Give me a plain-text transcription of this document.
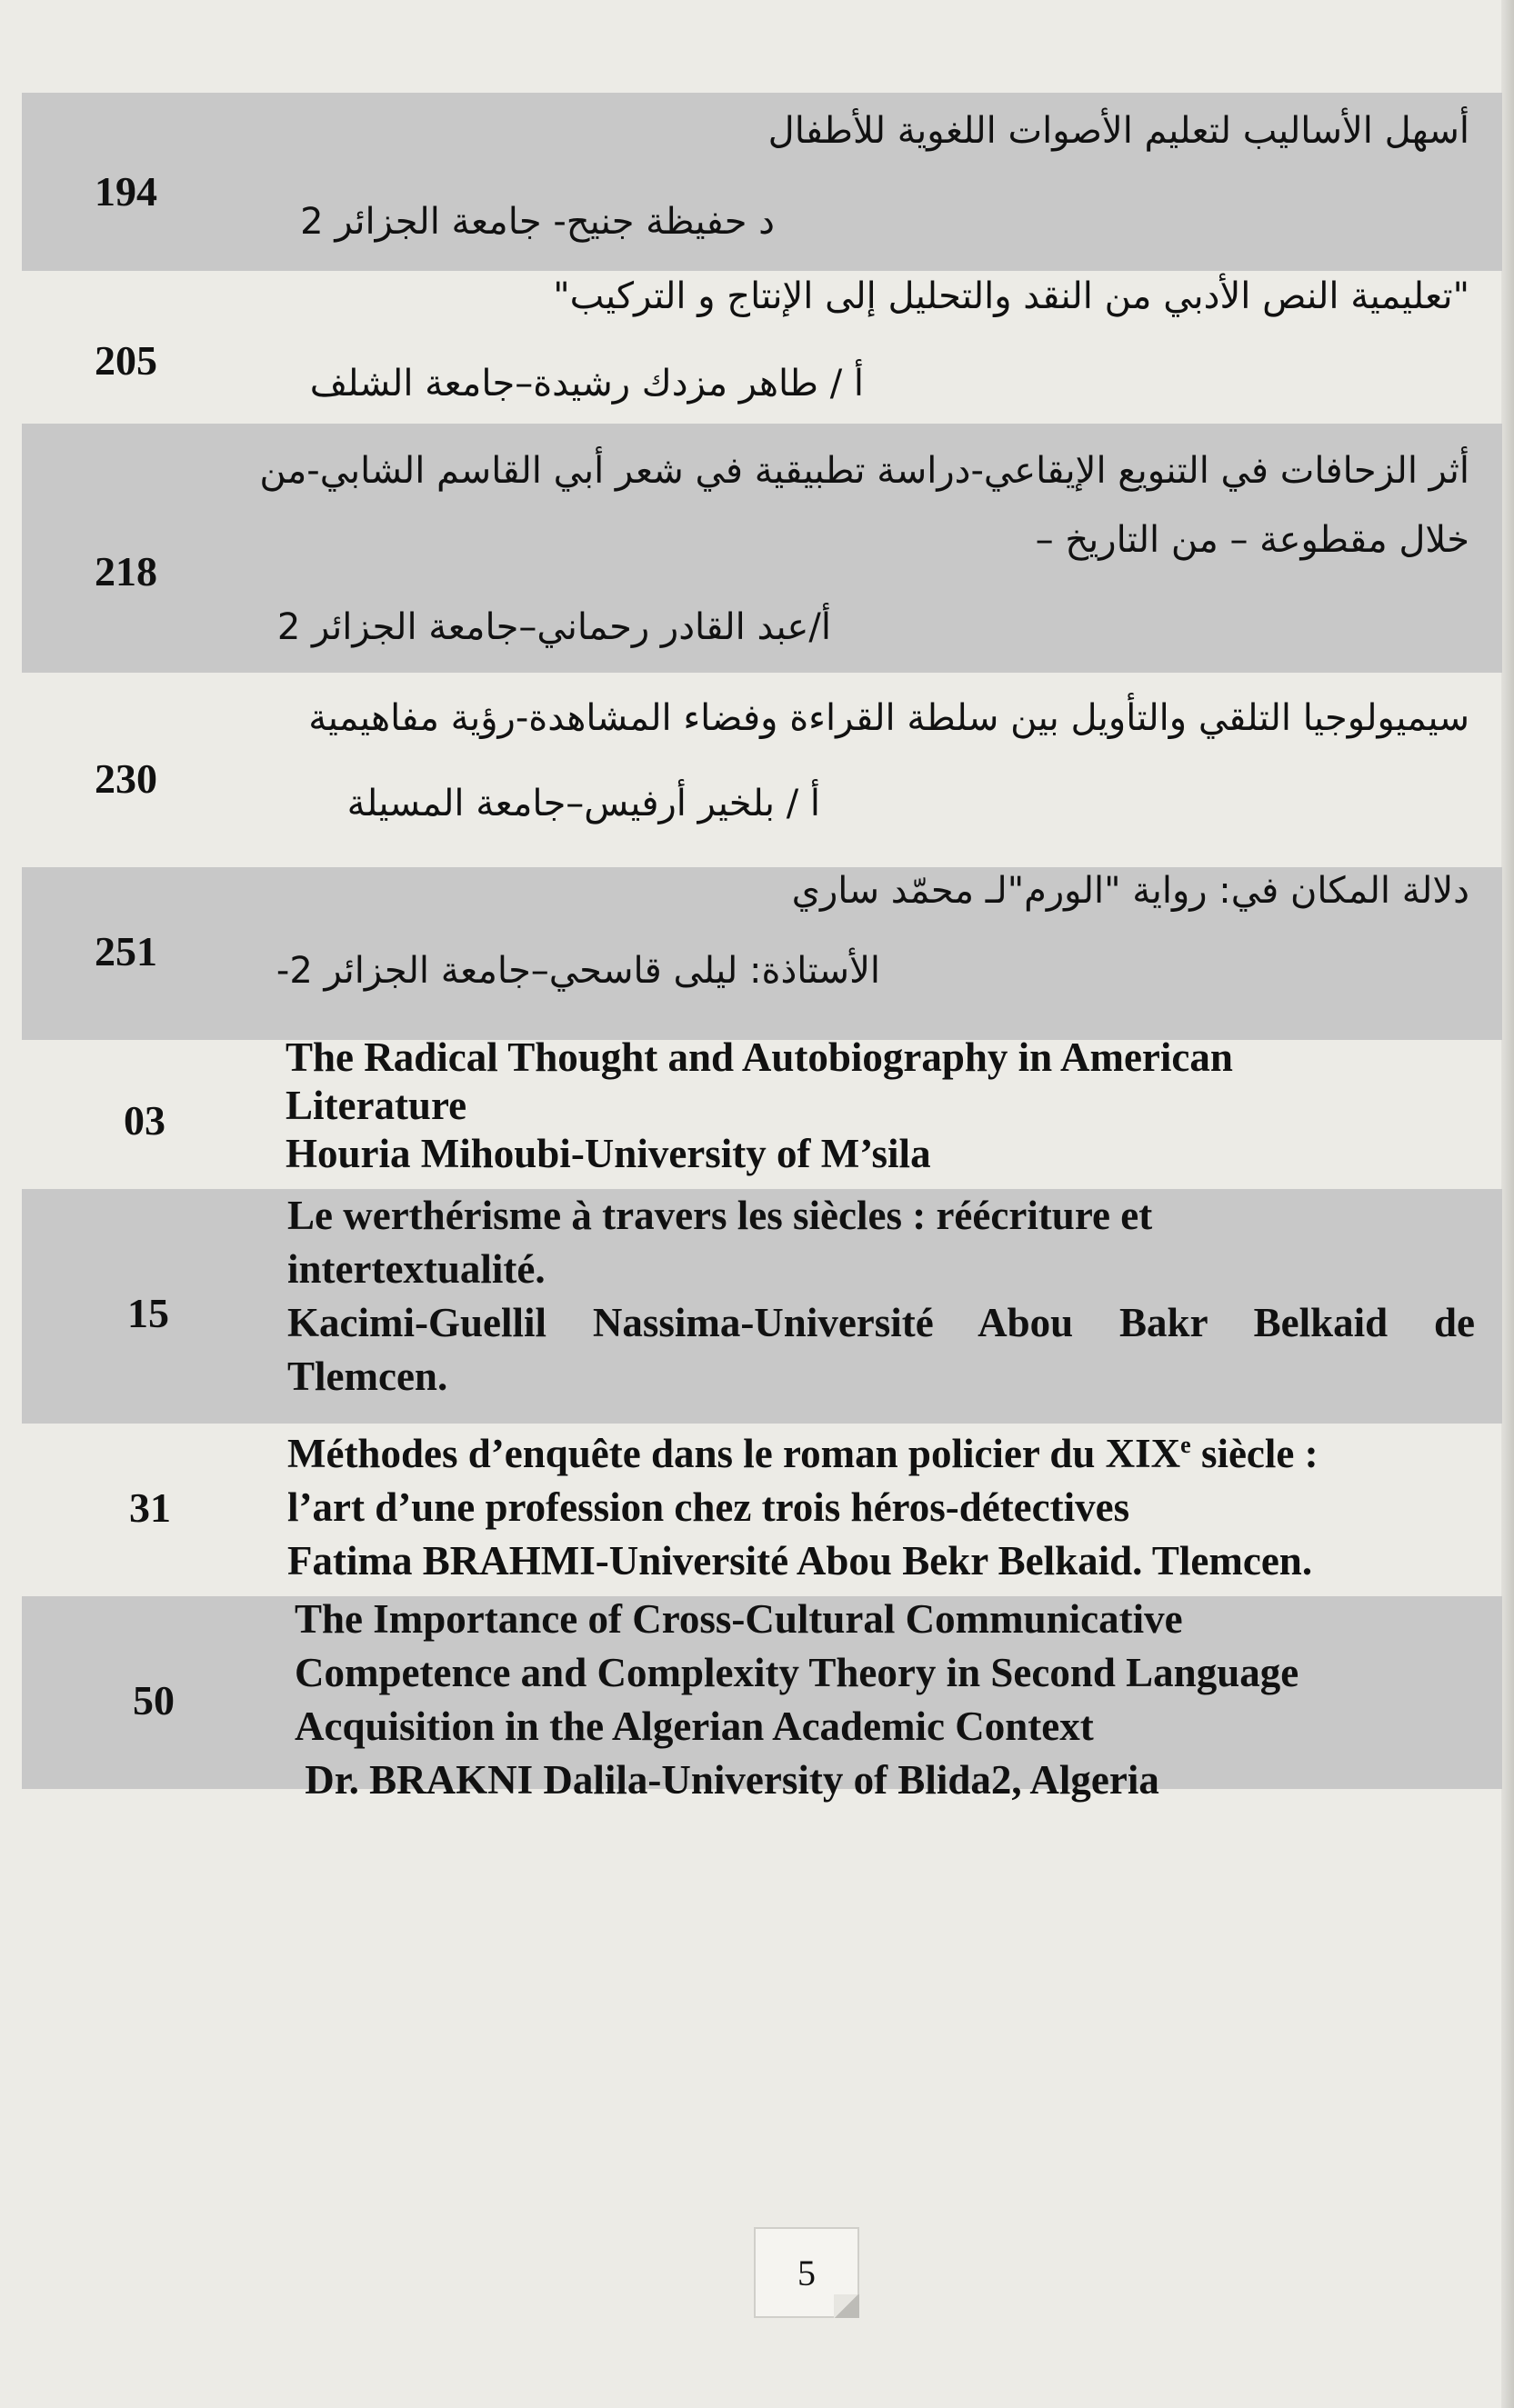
أسهل الأساليب لتعليم الأصوات اللغوية للأطفال
194
د حفيظة جنيح- جامعة الجزائر 2
"تعليمية النص الأدبي من النقد والتحليل إلى الإنتاج و التركيب"
205	أ / طاهر مزدك رشيدة–جامعة الشلف
أثر الزحافات في التنويع الإيقاعي-دراسة تطبيقية في شعر أبي القاسم الشابي-من
خلال مقطوعة – من التاريخ –
218
أ/عبد القادر رحماني–جامعة الجزائر 2
سيميولوجيا التلقي والتأويل بين سلطة القراءة وفضاء المشاهدة-رؤية مفاهيمية
230
أ / بلخير أرفيس–جامعة المسيلة
دلالة المكان في: رواية "الورم"لـ محمّد ساري
251	الأستاذة: ليلى قاسحي–جامعة الجزائر 2-
03
The Radical Thought and Autobiography in American
Literature
Houria Mihoubi-University of M’sila
15
Le werthérisme à travers les siècles : réécriture et
intertextualité.
Kacimi-Guellil Nassima-Université Abou Bakr Belkaid de
Tlemcen.
31
Méthodes d’enquête dans le roman policier du XIXe siècle :
l’art d’une profession chez trois héros-détectives
Fatima BRAHMI-Université Abou Bekr Belkaid. Tlemcen.
50
The Importance of Cross-Cultural Communicative
Competence and Complexity Theory in Second Language
Acquisition in the Algerian Academic Context
Dr. BRAKNI Dalila-University of Blida2, Algeria
5
